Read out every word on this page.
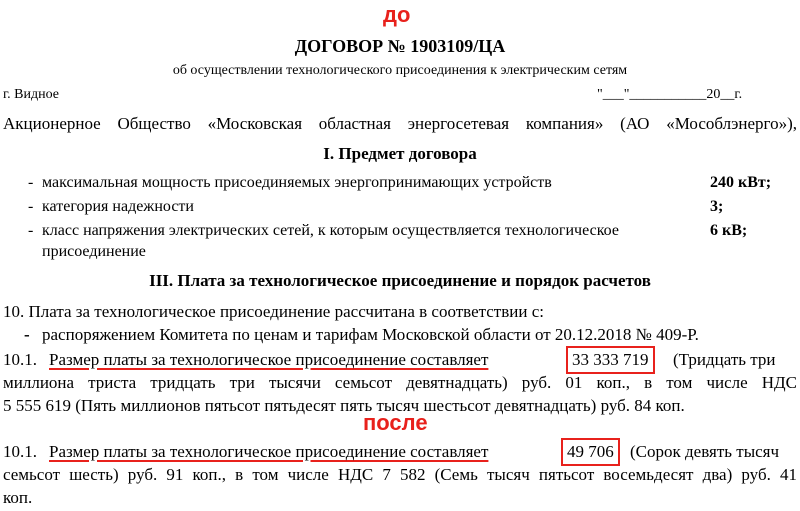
до
ДОГОВОР № 1903109/ЦА
об осуществлении технологического присоединения к электрическим сетям
г. Видное	"___"___________20__г.
Акционерное Общество «Московская областная энергосетевая компания» (АО «Мособлэнерго»),
I. Предмет договора
- максимальная мощность присоединяемых энергопринимающих устройств	240 кВт;
- категория надежности	3;
- класс напряжения электрических сетей, к которым осуществляется технологическое	6 кВ;
присоединение
III. Плата за технологическое присоединение и порядок расчетов
10. Плата за технологическое присоединение рассчитана в соответствии с:
- распоряжением Комитета по ценам и тарифам Московской области от 20.12.2018 № 409-Р.
10.1. Размер платы за технологическое присоединение составляет	33 333 719	(Тридцать три
миллиона триста тридцать три тысячи семьсот девятнадцать) руб. 01 коп., в том числе НДС
5 555 619 (Пять миллионов пятьсот пятьдесят пять тысяч шестьсот девятнадцать) руб. 84 коп.
после
10.1. Размер платы за технологическое присоединение составляет	49 706 (Сорок девять тысяч
семьсот шесть) руб. 91 коп., в том числе НДС 7 582 (Семь тысяч пятьсот восемьдесят два) руб. 41
коп.
